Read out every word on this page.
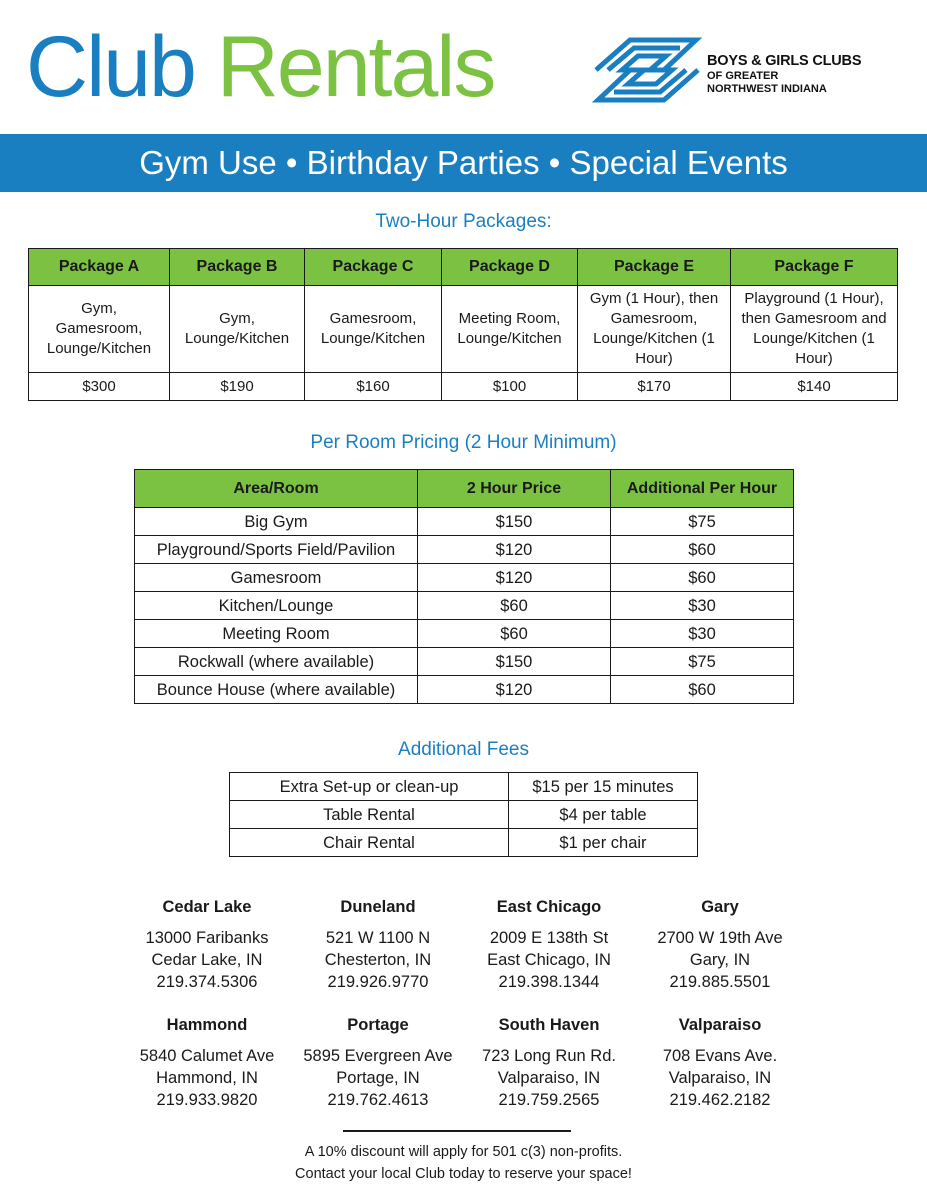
Club Rentals	BOYS & GIRLS CLUBS
OF GREATER
NORTHWEST INDIANA
Gym Use • Birthday Parties • Special Events
Two-Hour Packages:
Package A	Package B	Package C	Package D	Package E	Package F
Gym, Gamesroom, Lounge/Kitchen	Gym, Lounge/Kitchen	Gamesroom, Lounge/Kitchen	Meeting Room, Lounge/Kitchen	Gym (1 Hour), then Gamesroom, Lounge/Kitchen (1 Hour)	Playground (1 Hour), then Gamesroom and Lounge/Kitchen (1 Hour)
$300	$190	$160	$100	$170	$140
Per Room Pricing (2 Hour Minimum)
Area/Room	2 Hour Price	Additional Per Hour
Big Gym	$150	$75
Playground/Sports Field/Pavilion	$120	$60
Gamesroom	$120	$60
Kitchen/Lounge	$60	$30
Meeting Room	$60	$30
Rockwall (where available)	$150	$75
Bounce House (where available)	$120	$60
Additional Fees
Extra Set-up or clean-up	$15 per 15 minutes
Table Rental	$4 per table
Chair Rental	$1 per chair
Cedar Lake
13000 Faribanks
Cedar Lake, IN
219.374.5306
Duneland
521 W 1100 N
Chesterton, IN
219.926.9770
East Chicago
2009 E 138th St
East Chicago, IN
219.398.1344
Gary
2700 W 19th Ave
Gary, IN
219.885.5501
Hammond
5840 Calumet Ave
Hammond, IN
219.933.9820
Portage
5895 Evergreen Ave
Portage, IN
219.762.4613
South Haven
723 Long Run Rd.
Valparaiso, IN
219.759.2565
Valparaiso
708 Evans Ave.
Valparaiso, IN
219.462.2182
A 10% discount will apply for 501 c(3) non-profits.
Contact your local Club today to reserve your space!
